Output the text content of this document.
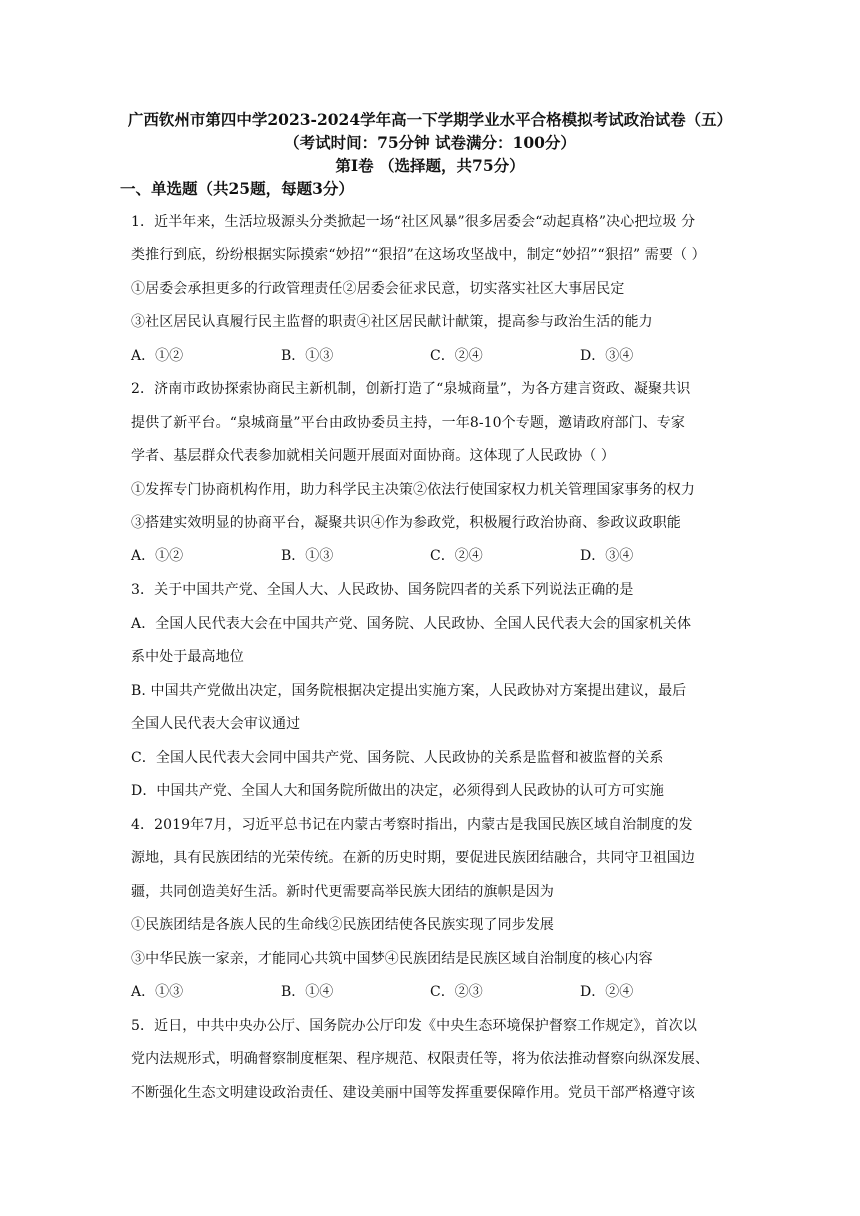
广西钦州市第四中学2023-2024学年高一下学期学业水平合格模拟考试政治试卷（五）
（考试时间：75分钟 试卷满分：100分）
第I卷 （选择题，共75分）
一、单选题（共25题，每题3分）
1．近半年来，生活垃圾源头分类掀起一场“社区风暴”很多居委会“动起真格”决心把垃圾 分
类推行到底，纷纷根据实际摸索“妙招”“狠招”在这场攻坚战中，制定“妙招”“狠招” 需要（ ）
①居委会承担更多的行政管理责任②居委会征求民意，切实落实社区大事居民定
③社区居民认真履行民主监督的职责④社区居民献计献策，提高参与政治生活的能力
A．①②	B．①③	C．②④	D．③④
2．济南市政协探索协商民主新机制，创新打造了“泉城商量”，为各方建言资政、凝聚共识
提供了新平台。“泉城商量”平台由政协委员主持，一年8-10个专题，邀请政府部门、专家
学者、基层群众代表参加就相关问题开展面对面协商。这体现了人民政协（ ）
①发挥专门协商机构作用，助力科学民主决策②依法行使国家权力机关管理国家事务的权力
③搭建实效明显的协商平台，凝聚共识④作为参政党，积极履行政治协商、参政议政职能
A．①②	B．①③	C．②④	D．③④
3．关于中国共产党、全国人大、人民政协、国务院四者的关系下列说法正确的是
A．全国人民代表大会在中国共产党、国务院、人民政协、全国人民代表大会的国家机关体
系中处于最高地位
B. 中国共产党做出决定，国务院根据决定提出实施方案，人民政协对方案提出建议，最后
全国人民代表大会审议通过
C．全国人民代表大会同中国共产党、国务院、人民政协的关系是监督和被监督的关系
D．中国共产党、全国人大和国务院所做出的决定，必须得到人民政协的认可方可实施
4．2019年7月，习近平总书记在内蒙古考察时指出，内蒙古是我国民族区域自治制度的发
源地，具有民族团结的光荣传统。在新的历史时期，要促进民族团结融合，共同守卫祖国边
疆，共同创造美好生活。新时代更需要高举民族大团结的旗帜是因为
①民族团结是各族人民的生命线②民族团结使各民族实现了同步发展
③中华民族一家亲，才能同心共筑中国梦④民族团结是民族区域自治制度的核心内容
A．①③	B．①④	C．②③	D．②④
5．近日，中共中央办公厅、国务院办公厅印发《中央生态环境保护督察工作规定》，首次以
党内法规形式，明确督察制度框架、程序规范、权限责任等，将为依法推动督察向纵深发展、
不断强化生态文明建设政治责任、建设美丽中国等发挥重要保障作用。党员干部严格遵守该
